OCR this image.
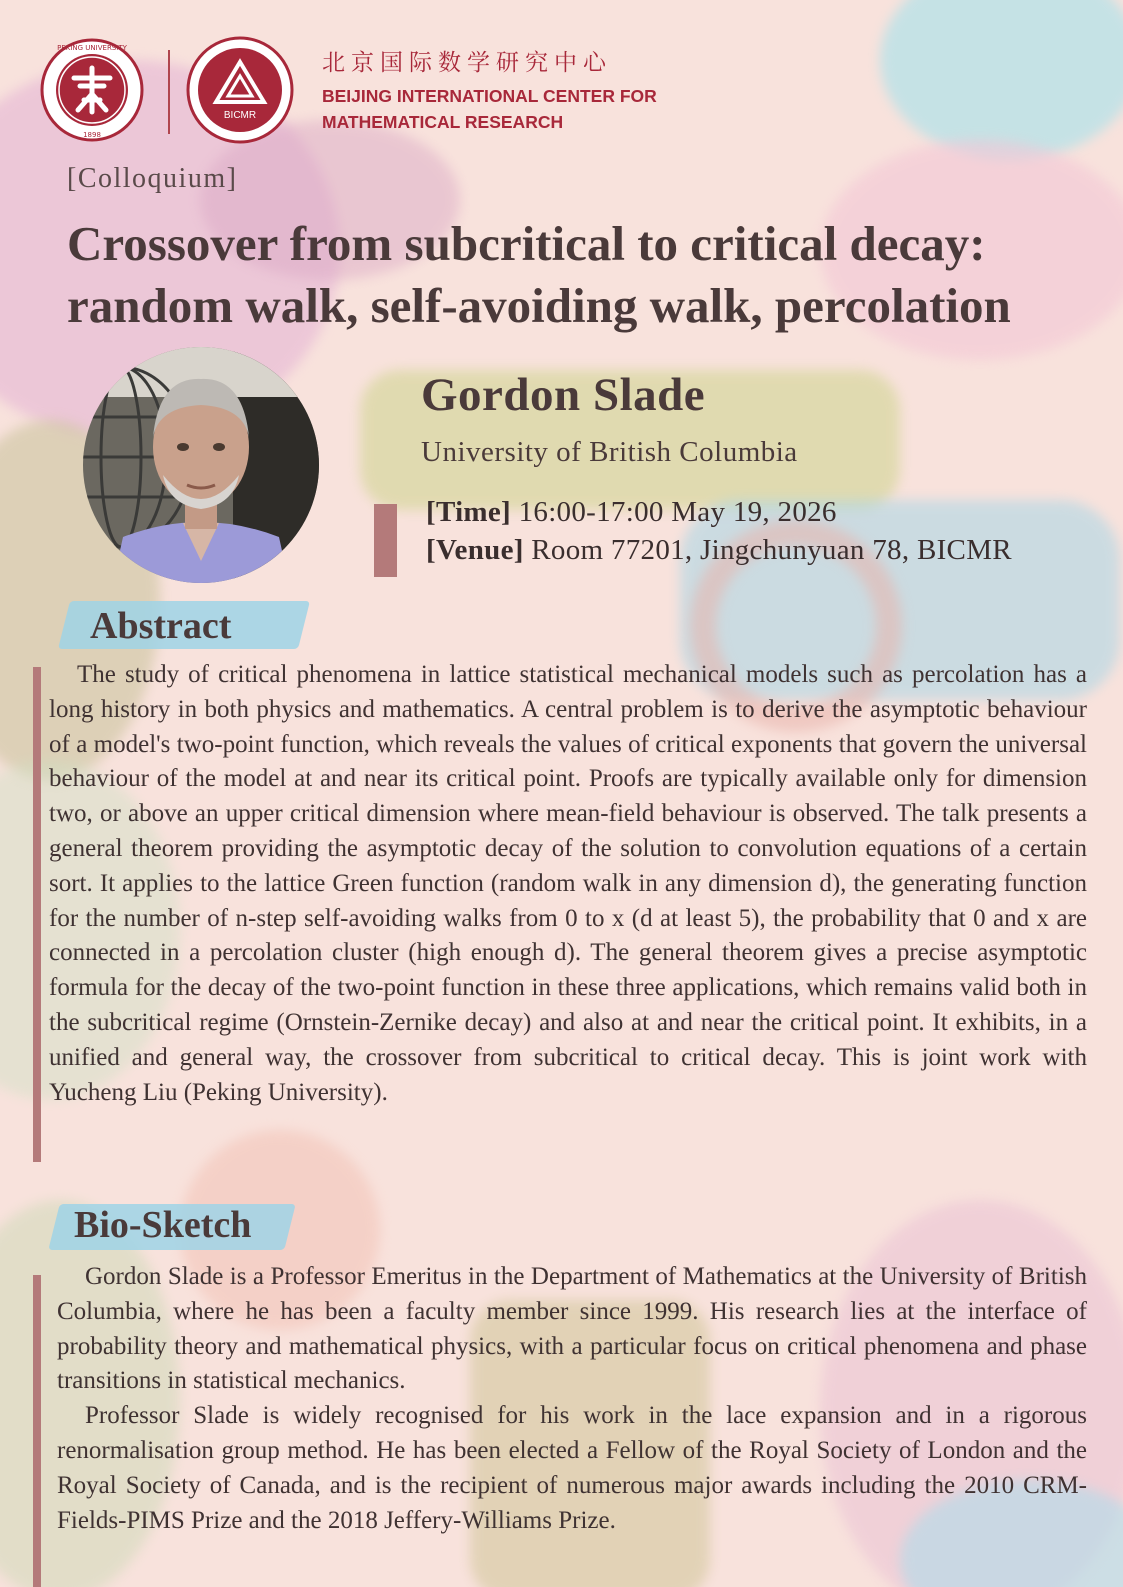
PEKING UNIVERSITY
1898
BICMR
北京国际数学研究中心
BEIJING INTERNATIONAL CENTER FOR
MATHEMATICAL RESEARCH
[Colloquium]
Crossover from subcritical to critical decay:
random walk, self-avoiding walk, percolation
Gordon Slade
University of British Columbia
[Time] 16:00-17:00 May 19, 2026
[Venue] Room 77201, Jingchunyuan 78, BICMR
Abstract

The study of critical phenomena in lattice statistical mechanical models such as percolation has a long history in both physics and mathematics. A central problem is to derive the asymptotic behaviour of a model's two-point function, which reveals the values of critical exponents that govern the universal behaviour of the model at and near its critical point. Proofs are typically available only for dimension two, or above an upper critical dimension where mean-field behaviour is observed. The talk presents a general theorem providing the asymptotic decay of the solution to convolution equations of a certain sort. It applies to the lattice Green function (random walk in any dimension d), the generating function for the number of n-step self-avoiding walks from 0 to x (d at least 5), the probability that 0 and x are connected in a percolation cluster (high enough d). The general theorem gives a precise asymptotic formula for the decay of the two-point function in these three applications, which remains valid both in the subcritical regime (Ornstein-Zernike decay) and also at and near the critical point. It exhibits, in a unified and general way, the crossover from subcritical to critical decay. This is joint work with Yucheng Liu (Peking University).

Bio-Sketch

Gordon Slade is a Professor Emeritus in the Department of Mathematics at the University of British Columbia, where he has been a faculty member since 1999. His research lies at the interface of probability theory and mathematical physics, with a particular focus on critical phenomena and phase transitions in statistical mechanics.

Professor Slade is widely recognised for his work in the lace expansion and in a rigorous renormalisation group method. He has been elected a Fellow of the Royal Society of London and the Royal Society of Canada, and is the recipient of numerous major awards including the 2010 CRM-Fields-PIMS Prize and the 2018 Jeffery-Williams Prize.
